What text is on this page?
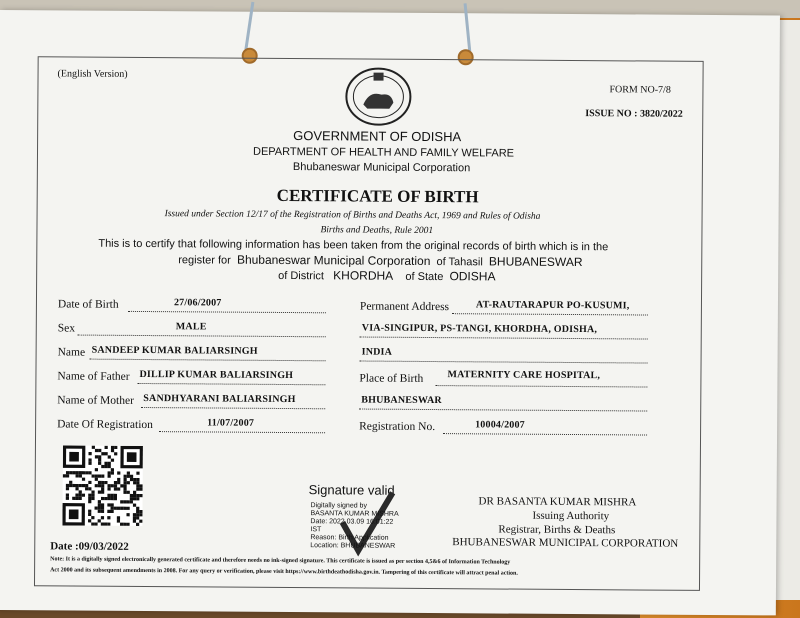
(English Version)
FORM NO-7/8
ISSUE NO : 3820/2022
GOVERNMENT OF ODISHA
DEPARTMENT OF HEALTH AND FAMILY WELFARE
Bhubaneswar Municipal Corporation
CERTIFICATE OF BIRTH
Issued under Section 12/17 of the Registration of Births and Deaths Act, 1969 and Rules of Odisha
Births and Deaths, Rule 2001
This is to certify that following information has been taken from the original records of birth which is in the
register for Bhubaneswar Municipal Corporation of Tahasil BHUBANESWAR
of District KHORDHA of State ODISHA
Date of Birth	27/06/2007
Sex	MALE
Name SANDEEP KUMAR BALIARSINGH
Name of Father DILLIP KUMAR BALIARSINGH
Name of Mother SANDHYARANI BALIARSINGH
Date Of Registration	11/07/2007
Permanent Address	AT-RAUTARAPUR PO-KUSUMI,
VIA-SINGIPUR, PS-TANGI, KHORDHA, ODISHA,
INDIA
Place of Birth MATERNITY CARE HOSPITAL,
BHUBANESWAR
Registration No.	10004/2007
Signature valid
Digitally signed by
BASANTA KUMAR MISHRA
Date: 2022.03.09 16:01:22
IST
Reason: Birth Application
Location: BHUBANESWAR
DR BASANTA KUMAR MISHRA
Issuing Authority
Registrar, Births & Deaths
BHUBANESWAR MUNICIPAL CORPORATION
Date :09/03/2022
Note: It is a digitally signed electronically generated certificate and therefore needs no ink-signed signature. This certificate is issued as per section 4,5&6 of Information Technology
Act 2000 and its subsequent amendments in 2008. For any query or verification, please visit https://www.birthdeathodisha.gov.in. Tampering of this certificate will attract penal action.
